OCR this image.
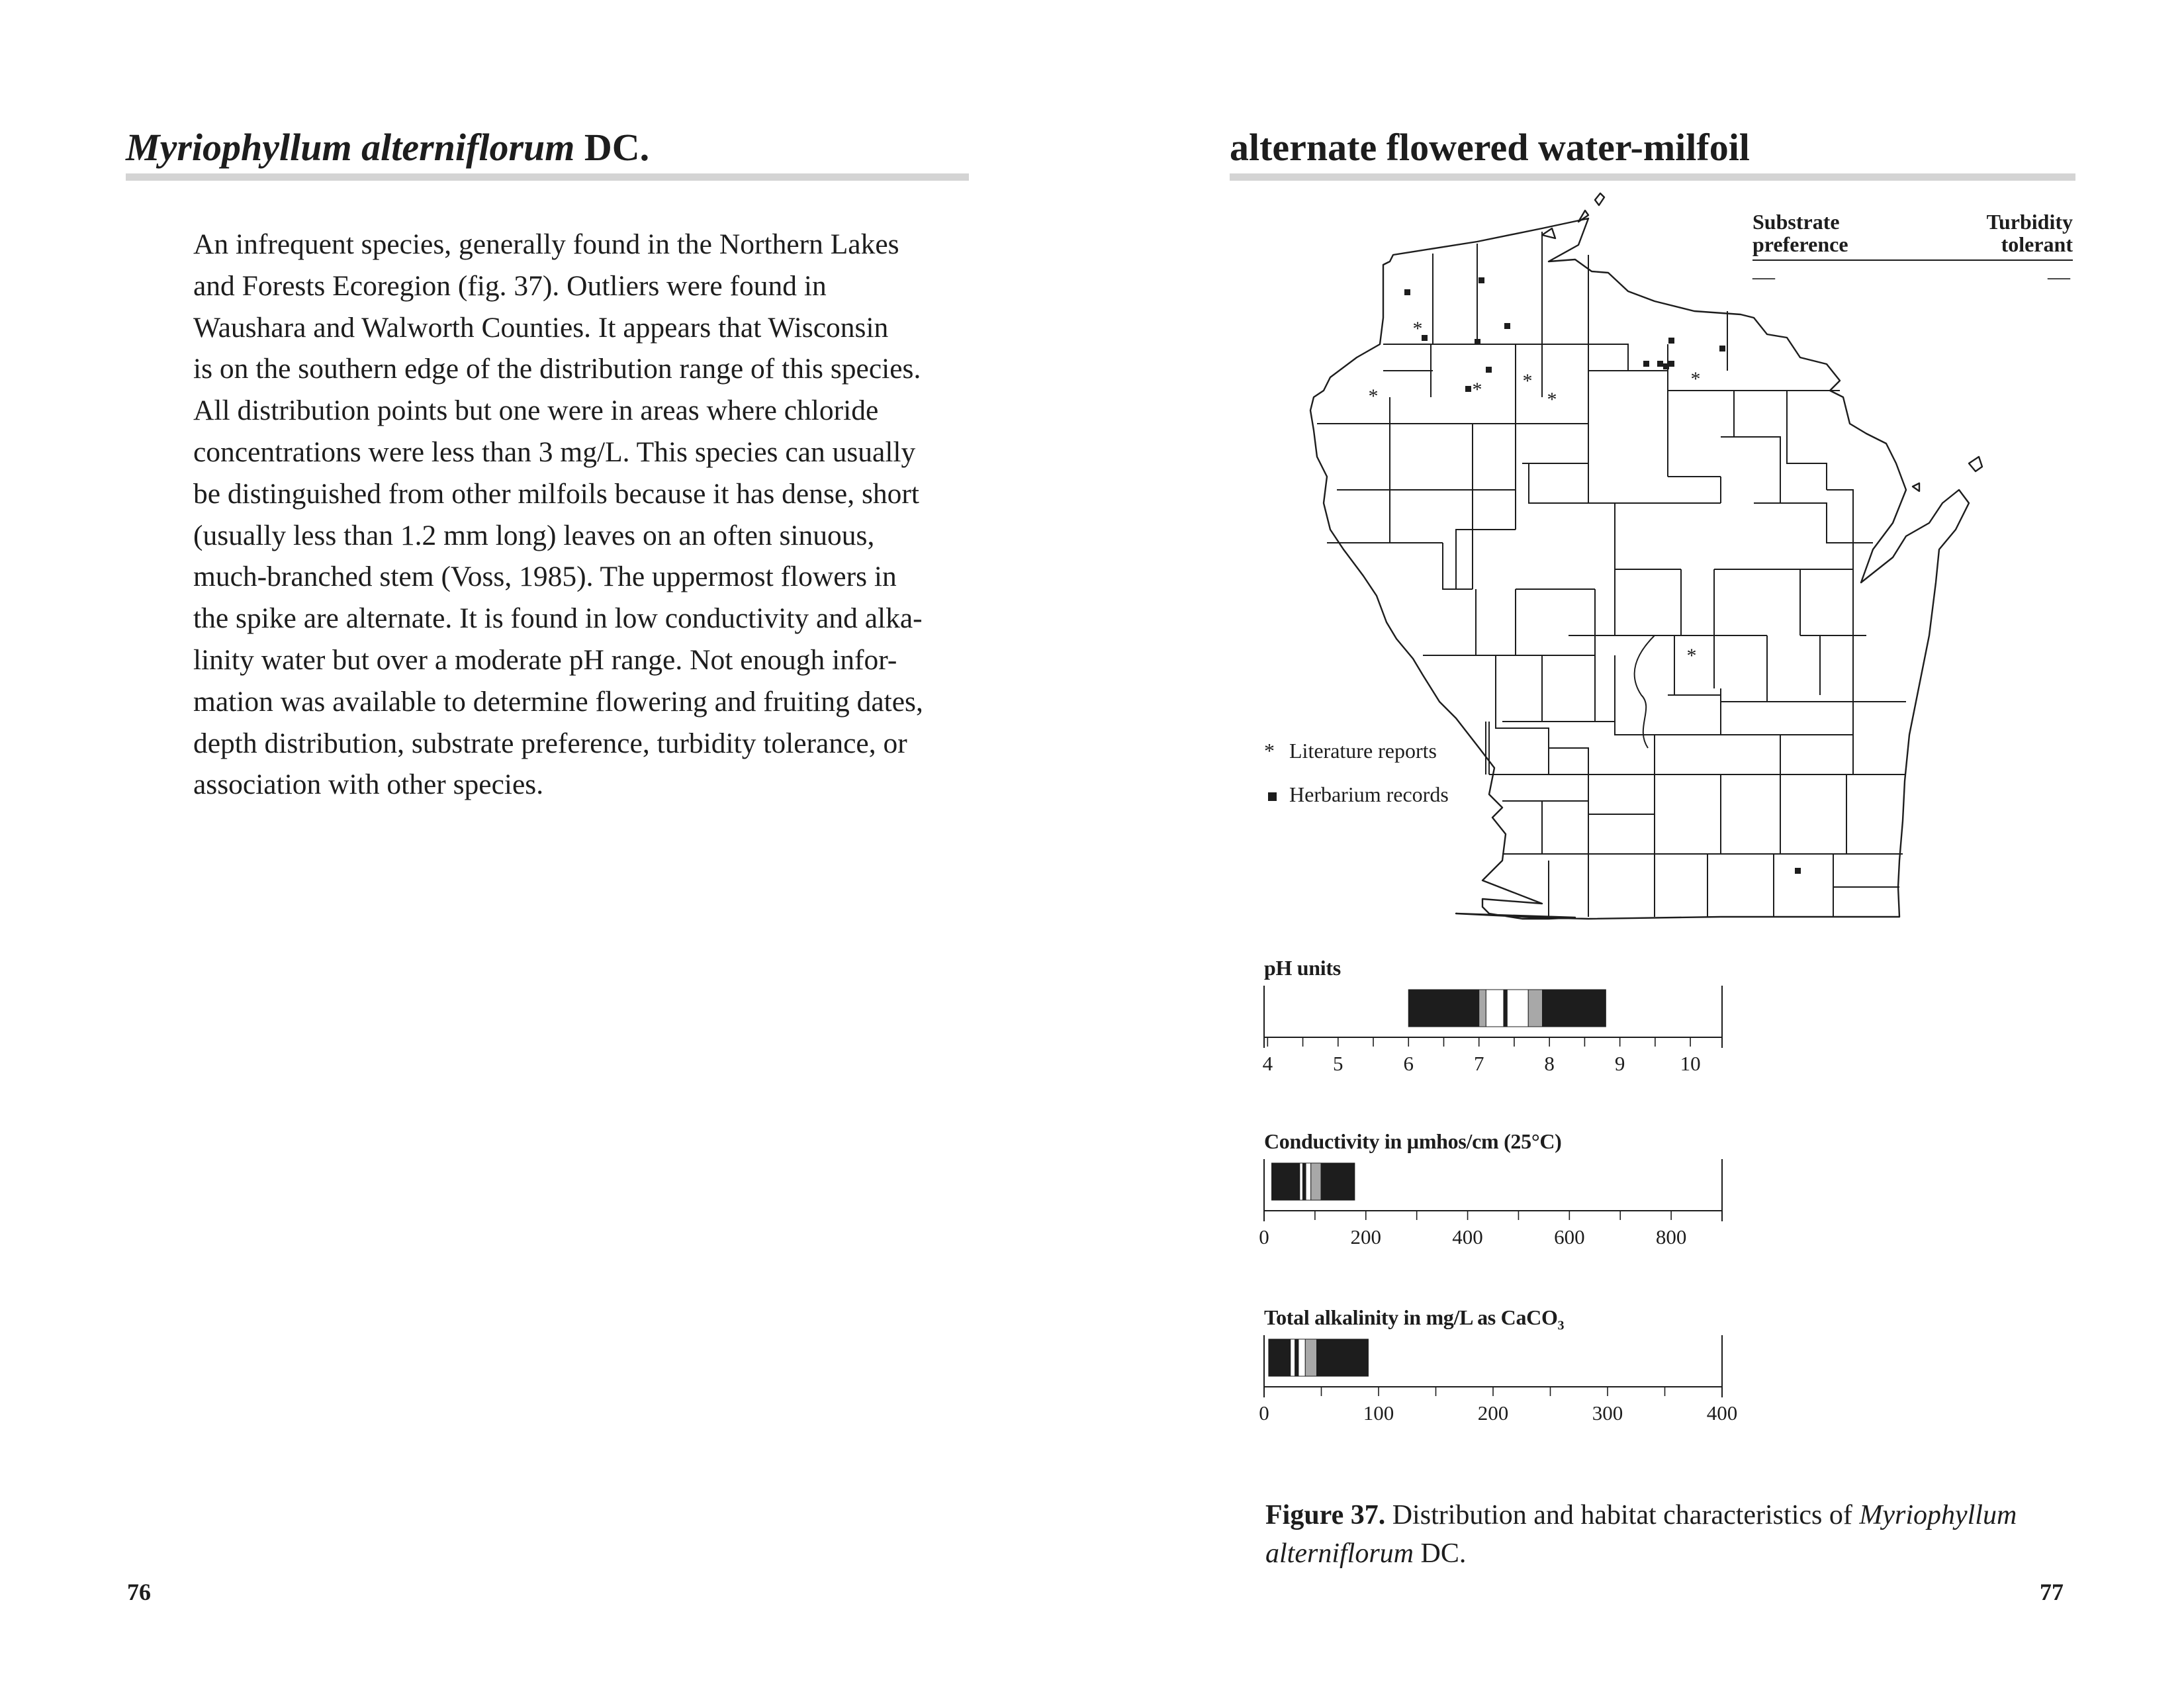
Myriophyllum alterniflorum DC.
An infrequent species, generally found in the Northern Lakes
and Forests Ecoregion (fig. 37). Outliers were found in
Waushara and Walworth Counties. It appears that Wisconsin
is on the southern edge of the distribution range of this species.
All distribution points but one were in areas where chloride
concentrations were less than 3 mg/L. This species can usually
be distinguished from other milfoils because it has dense, short
(usually less than 1.2 mm long) leaves on an often sinuous,
much-branched stem (Voss, 1985). The uppermost flowers in
the spike are alternate. It is found in low conductivity and alka-
linity water but over a moderate pH range. Not enough infor-
mation was available to determine flowering and fruiting dates,
depth distribution, substrate preference, turbidity tolerance, or
association with other species.
76
alternate flowered water-milfoil
Substrate
preference
Turbidity
tolerant
—	—
*
*	* *
*
*
*
* Literature reports
Herbarium records
pH units
4	5	6	7	8	9	10
Conductivity in µmhos/cm (25°C)
0	200	400	600	800
Total alkalinity in mg/L as CaCO$_3$
0	100	200	300	400
Figure 37. Distribution and habitat characteristics of Myriophyllum
alterniflorum DC.
77
